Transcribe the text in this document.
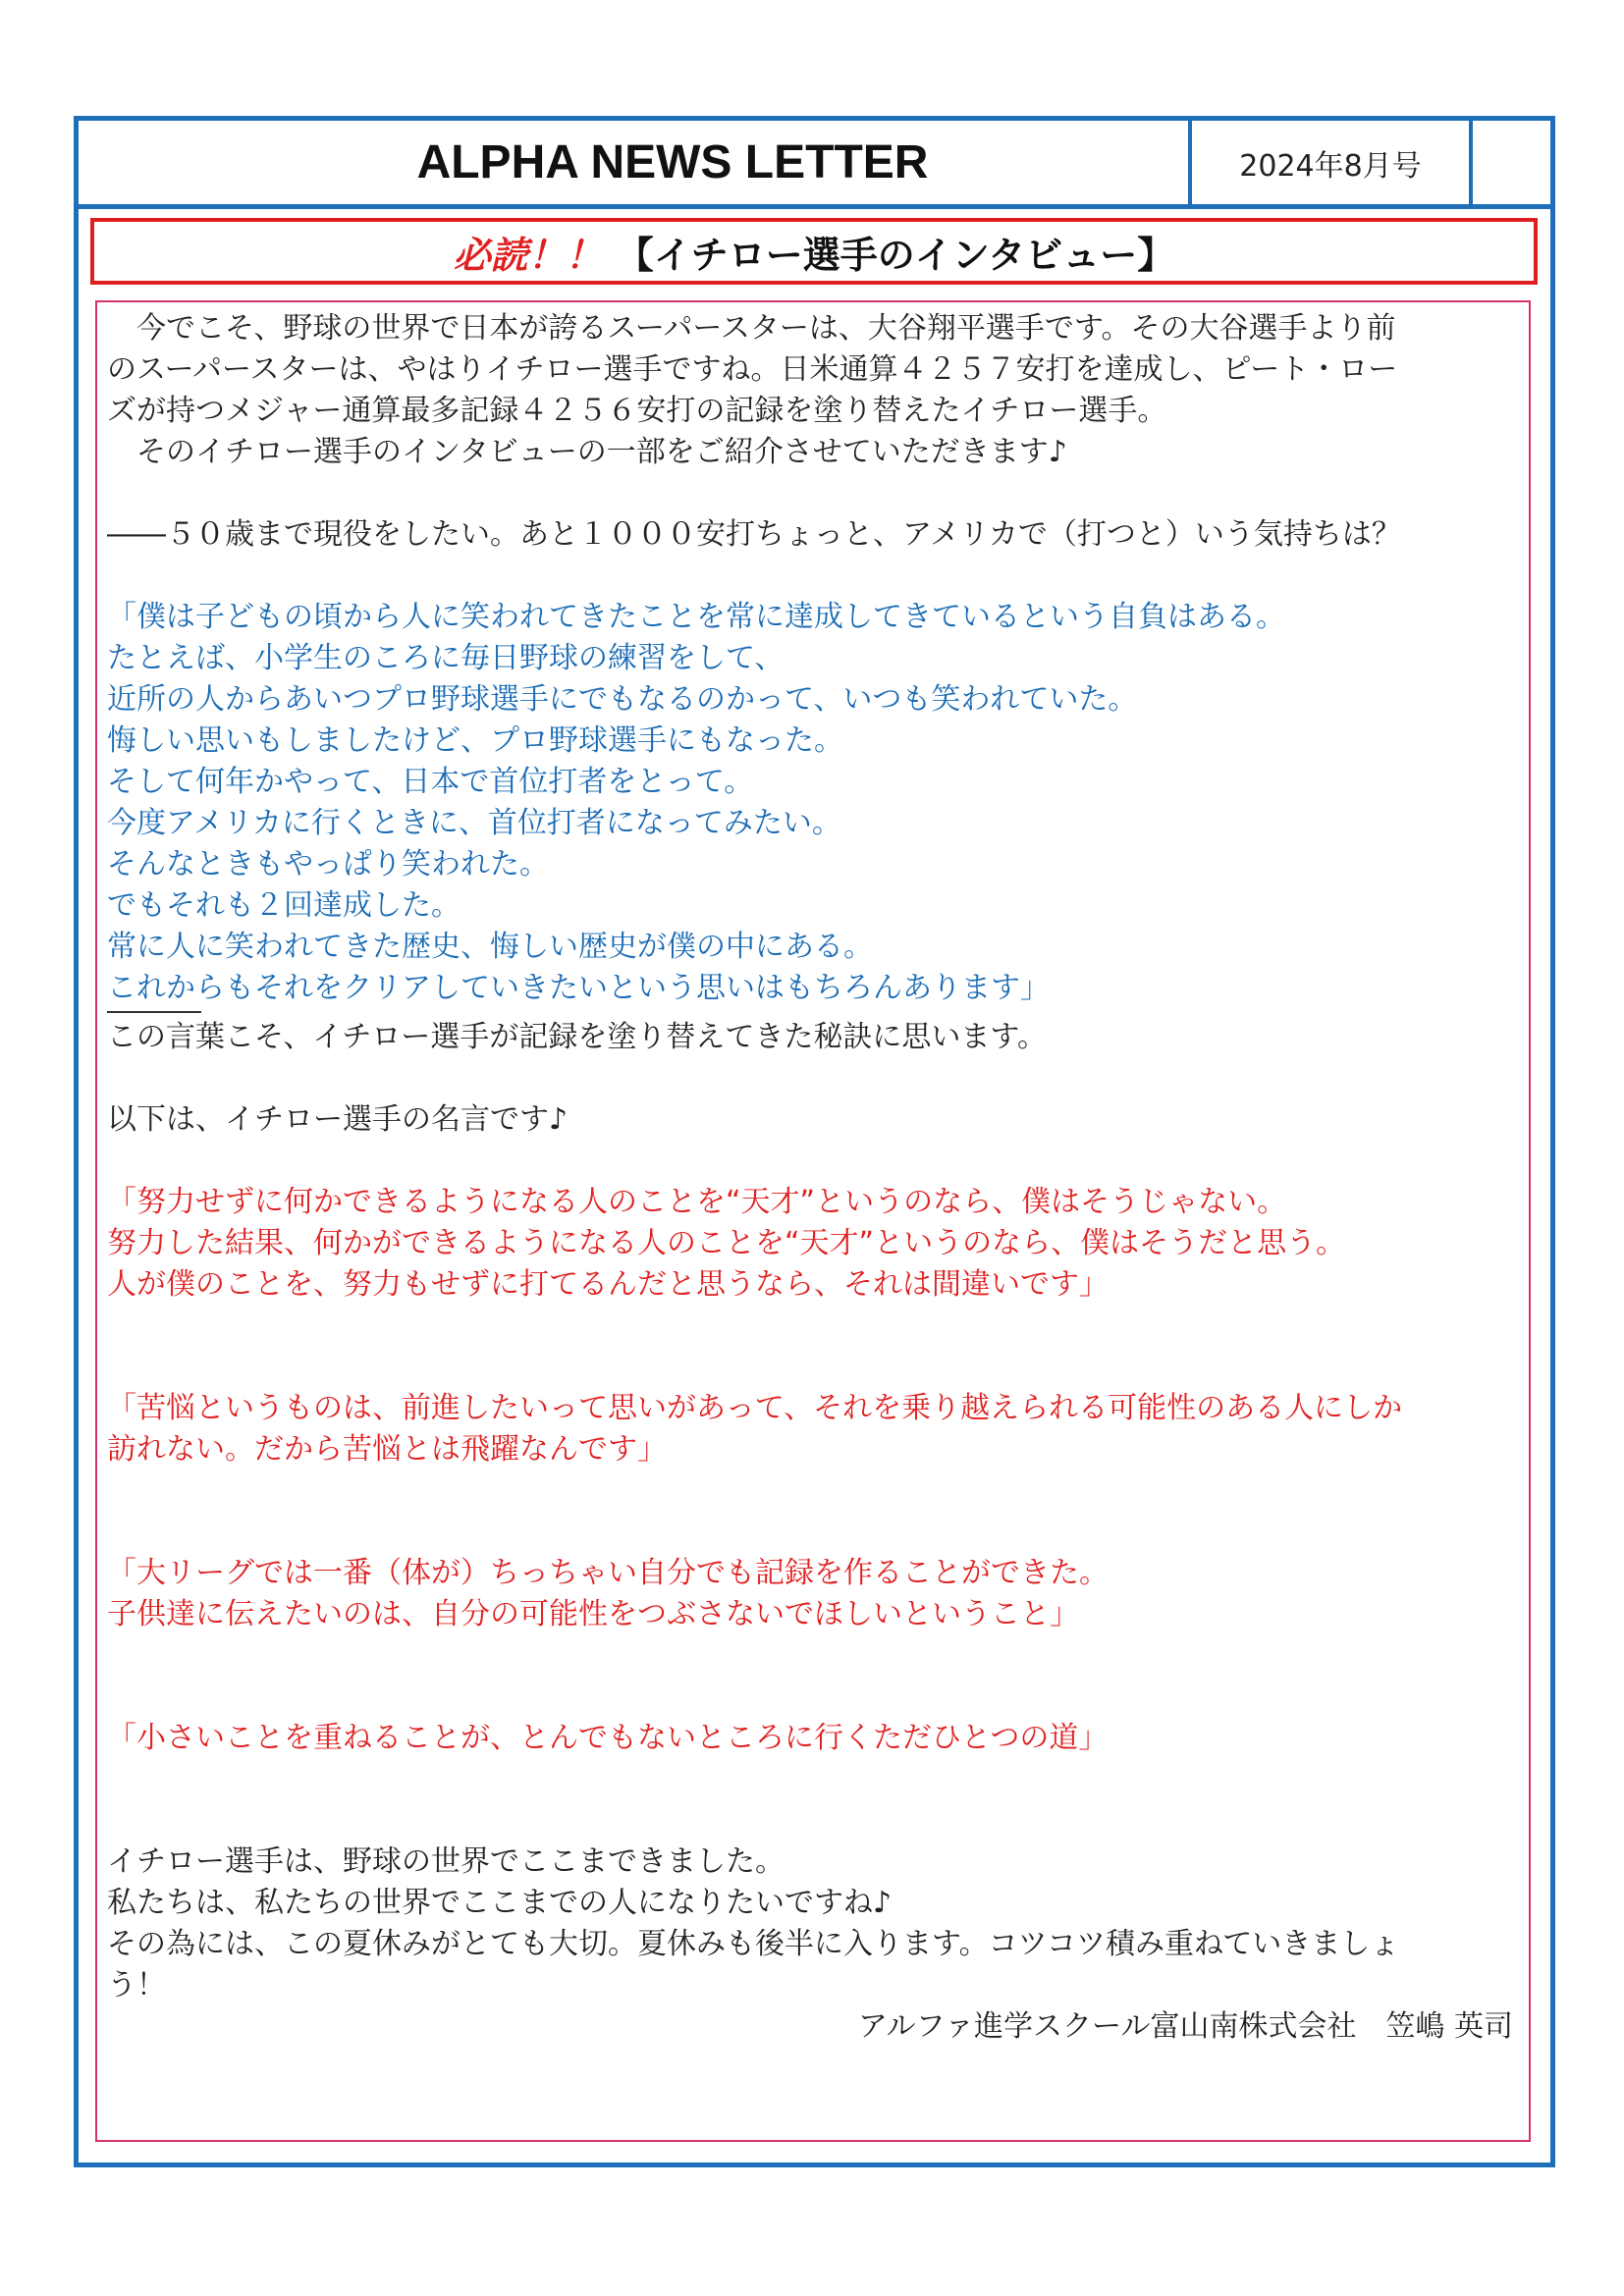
ALPHA NEWS LETTER	2024年8月号
必読！！ 【イチロー選手のインタビュー】

　今でこそ、野球の世界で日本が誇るスーパースターは、大谷翔平選手です。その大谷選手より前

のスーパースターは、やはりイチロー選手ですね。日米通算４２５７安打を達成し、ピート・ロー

ズが持つメジャー通算最多記録４２５６安打の記録を塗り替えたイチロー選手。

　そのイチロー選手のインタビューの一部をご紹介させていただきます♪

――５０歳まで現役をしたい。あと１０００安打ちょっと、アメリカで（打つと）いう気持ちは？

「僕は子どもの頃から人に笑われてきたことを常に達成してきているという自負はある。

たとえば、小学生のころに毎日野球の練習をして、

近所の人からあいつプロ野球選手にでもなるのかって、いつも笑われていた。

悔しい思いもしましたけど、プロ野球選手にもなった。

そして何年かやって、日本で首位打者をとって。

今度アメリカに行くときに、首位打者になってみたい。

そんなときもやっぱり笑われた。

でもそれも２回達成した。

常に人に笑われてきた歴史、悔しい歴史が僕の中にある。

これからもそれをクリアしていきたいという思いはもちろんあります」

この言葉こそ、イチロー選手が記録を塗り替えてきた秘訣に思います。

以下は、イチロー選手の名言です♪

「努力せずに何かできるようになる人のことを“天才”というのなら、僕はそうじゃない。

努力した結果、何かができるようになる人のことを“天才”というのなら、僕はそうだと思う。

人が僕のことを、努力もせずに打てるんだと思うなら、それは間違いです」

「苦悩というものは、前進したいって思いがあって、それを乗り越えられる可能性のある人にしか

訪れない。だから苦悩とは飛躍なんです」

「大リーグでは一番（体が）ちっちゃい自分でも記録を作ることができた。

子供達に伝えたいのは、自分の可能性をつぶさないでほしいということ」

「小さいことを重ねることが、とんでもないところに行くただひとつの道」

イチロー選手は、野球の世界でここまできました。

私たちは、私たちの世界でここまでの人になりたいですね♪

その為には、この夏休みがとても大切。夏休みも後半に入ります。コツコツ積み重ねていきましょ

う！

アルファ進学スクール富山南株式会社　笠嶋 英司
